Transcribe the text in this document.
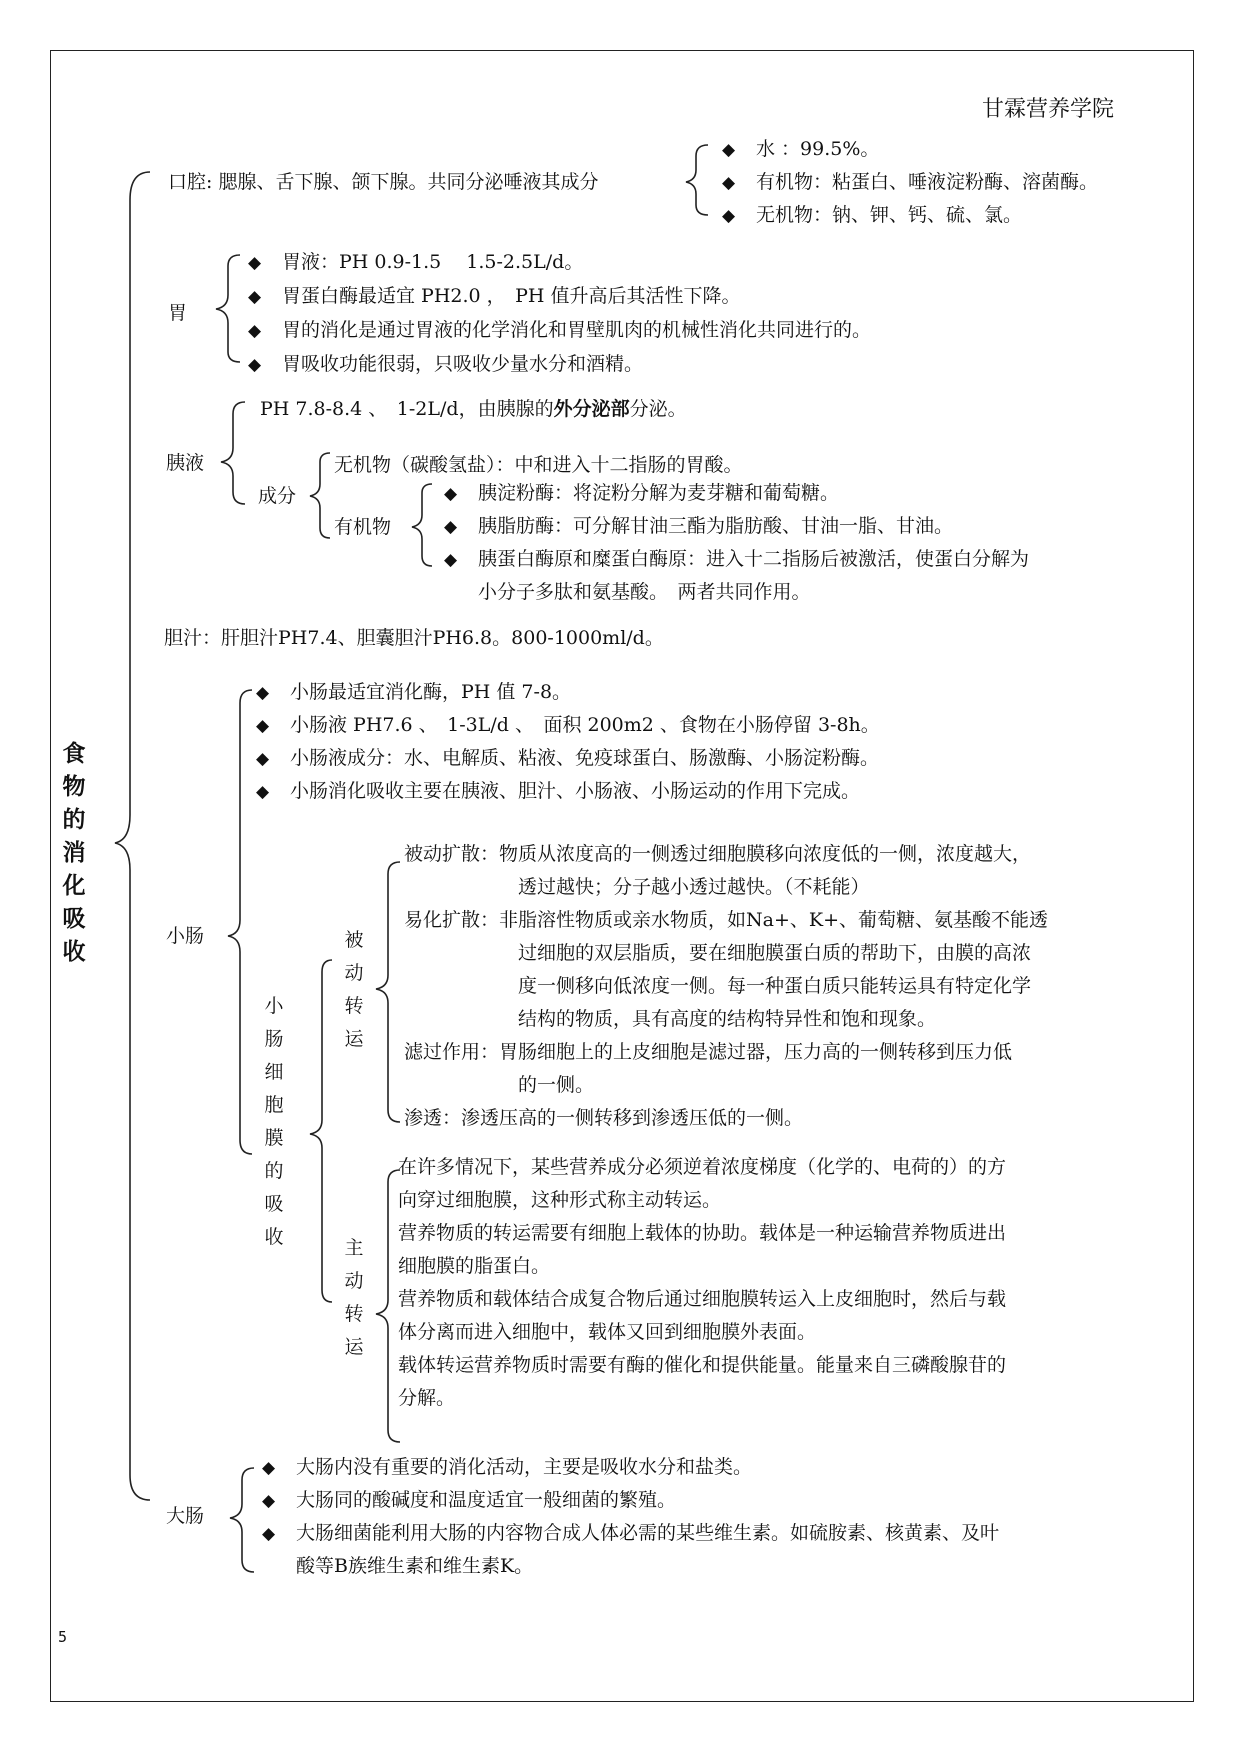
甘霖营养学院
食物的消化吸收
口腔: 腮腺、舌下腺、颌下腺。共同分泌唾液其成分
◆ 水 ：99.5%。
◆ 有机物：粘蛋白、唾液淀粉酶、溶菌酶。
◆ 无机物：钠、钾、钙、硫、氯。
胃
◆ 胃液：PH 0.9-1.5　 1.5-2.5L/d。
◆ 胃蛋白酶最适宜 PH2.0 ，　PH 值升高后其活性下降。
◆ 胃的消化是通过胃液的化学消化和胃壁肌肉的机械性消化共同进行的。
◆ 胃吸收功能很弱，只吸收少量水分和酒精。
胰液
PH 7.8-8.4 、　1-2L/d，由胰腺的外分泌部分泌。
成分
无机物（碳酸氢盐）：中和进入十二指肠的胃酸。
有机物
◆ 胰淀粉酶：将淀粉分解为麦芽糖和葡萄糖。
◆ 胰脂肪酶：可分解甘油三酯为脂肪酸、甘油一脂、甘油。
◆ 胰蛋白酶原和糜蛋白酶原：进入十二指肠后被激活，使蛋白分解为
小分子多肽和氨基酸。　两者共同作用。
胆汁：肝胆汁PH7.4、胆囊胆汁PH6.8。800-1000ml/d。
小肠
◆ 小肠最适宜消化酶，PH 值 7-8。
◆ 小肠液 PH7.6 、　1-3L/d 、　面积 200m2 、食物在小肠停留 3-8h。
◆ 小肠液成分：水、电解质、粘液、免疫球蛋白、肠激酶、小肠淀粉酶。
◆ 小肠消化吸收主要在胰液、胆汁、小肠液、小肠运动的作用下完成。
小肠细胞膜的吸收
被动转运
主动转运
被动扩散：物质从浓度高的一侧透过细胞膜移向浓度低的一侧，浓度越大，
透过越快；分子越小透过越快。（不耗能）
易化扩散：非脂溶性物质或亲水物质，如Na+、K+、葡萄糖、氨基酸不能透
过细胞的双层脂质，要在细胞膜蛋白质的帮助下，由膜的高浓
度一侧移向低浓度一侧。每一种蛋白质只能转运具有特定化学
结构的物质，具有高度的结构特异性和饱和现象。
滤过作用：胃肠细胞上的上皮细胞是滤过器，压力高的一侧转移到压力低
的一侧。
渗透：渗透压高的一侧转移到渗透压低的一侧。
在许多情况下，某些营养成分必须逆着浓度梯度（化学的、电荷的）的方
向穿过细胞膜，这种形式称主动转运。
营养物质的转运需要有细胞上载体的协助。载体是一种运输营养物质进出
细胞膜的脂蛋白。
营养物质和载体结合成复合物后通过细胞膜转运入上皮细胞时，然后与载
体分离而进入细胞中，载体又回到细胞膜外表面。
载体转运营养物质时需要有酶的催化和提供能量。能量来自三磷酸腺苷的
分解。
大肠
◆ 大肠内没有重要的消化活动，主要是吸收水分和盐类。
◆ 大肠同的酸碱度和温度适宜一般细菌的繁殖。
◆ 大肠细菌能利用大肠的内容物合成人体必需的某些维生素。如硫胺素、核黄素、及叶
酸等B族维生素和维生素K。
5
